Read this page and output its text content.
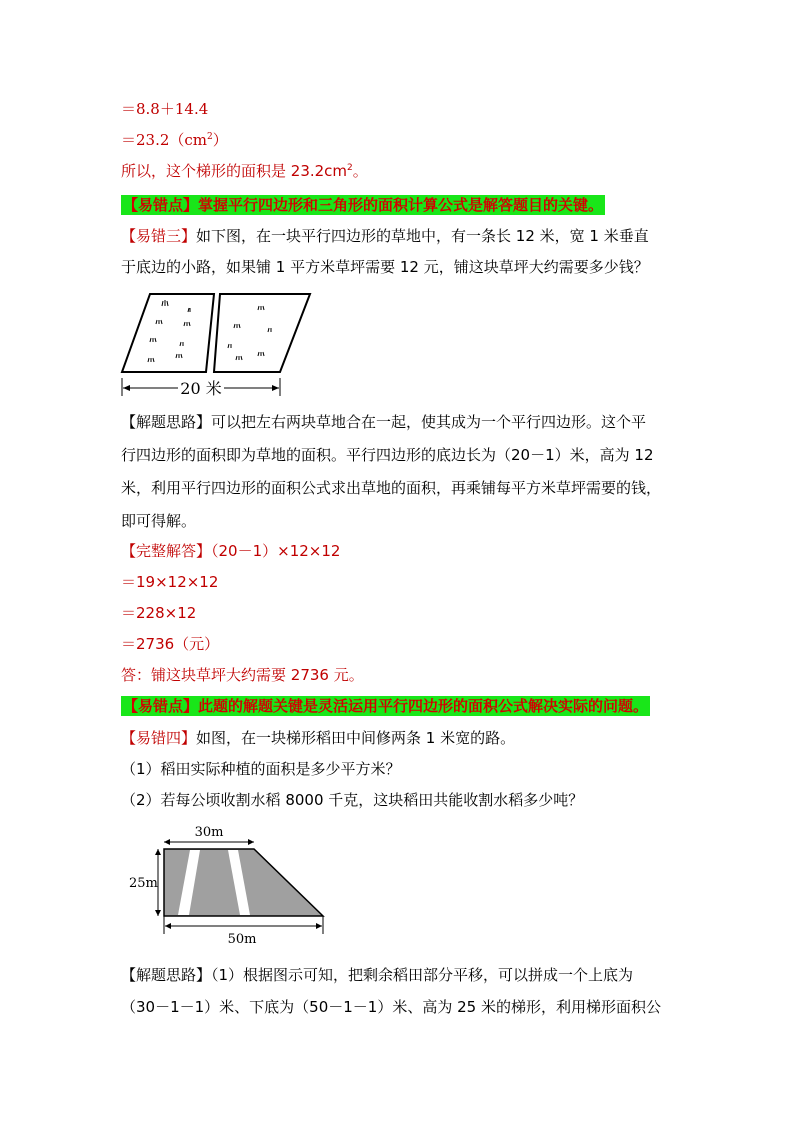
＝8.8＋14.4
$=23.2(cm^2)$
所以，这个梯形的面积是 $23.2cm^2$。
【易错点】掌握平行四边形和三角形的面积计算公式是解答题目的关键。
【易错三】如下图，在一块平行四边形的草地中，有一条长 12 米，宽 1 米垂直
于底边的小路，如果铺 1 平方米草坪需要 12 元，铺这块草坪大约需要多少钱？
20 米
【解题思路】可以把左右两块草地合在一起，使其成为一个平行四边形。这个平
行四边形的面积即为草地的面积。平行四边形的底边长为（20－1）米，高为 12
米，利用平行四边形的面积公式求出草地的面积，再乘铺每平方米草坪需要的钱，
即可得解。
【完整解答】（20－1）×12×12
＝19×12×12
＝228×12
＝2736（元）
答：铺这块草坪大约需要 2736 元。
【易错点】此题的解题关键是灵活运用平行四边形的面积公式解决实际的问题。
【易错四】如图，在一块梯形稻田中间修两条 1 米宽的路。
（1）稻田实际种植的面积是多少平方米？
（2）若每公顷收割水稻 8000 千克，这块稻田共能收割水稻多少吨？
30m
25m
50m
【解题思路】（1）根据图示可知，把剩余稻田部分平移，可以拼成一个上底为
（30－1－1）米、下底为（50－1－1）米、高为 25 米的梯形，利用梯形面积公
